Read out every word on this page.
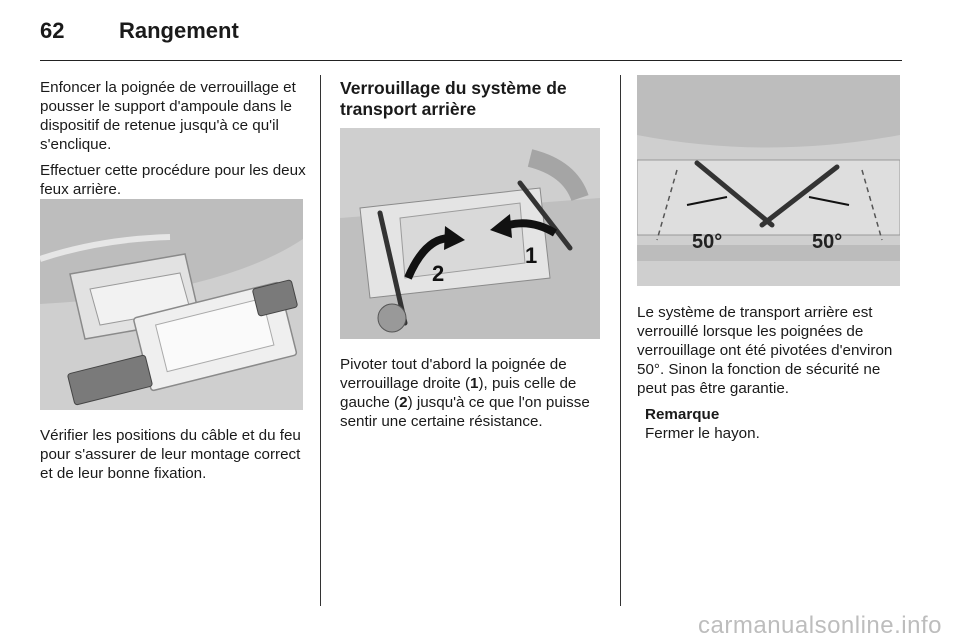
62 Rangement

Enfoncer la poignée de verrouillage et pousser le support d'ampoule dans le dispositif de retenue jusqu'à ce qu'il s'enclique.

Effectuer cette procédure pour les deux feux arrière.

Vérifier les positions du câble et du feu pour s'assurer de leur montage correct et de leur bonne fixation.

Verrouillage du système de
transport arrière
1
2

Pivoter tout d'abord la poignée de verrouillage droite (1), puis celle de gauche (2) jusqu'à ce que l'on puisse sentir une certaine résistance.

50°	50°

Le système de transport arrière est verrouillé lorsque les poignées de verrouillage ont été pivotées d'environ 50°. Sinon la fonction de sécurité ne peut pas être garantie.

Remarque
Fermer le hayon.
carmanualsonline.info
